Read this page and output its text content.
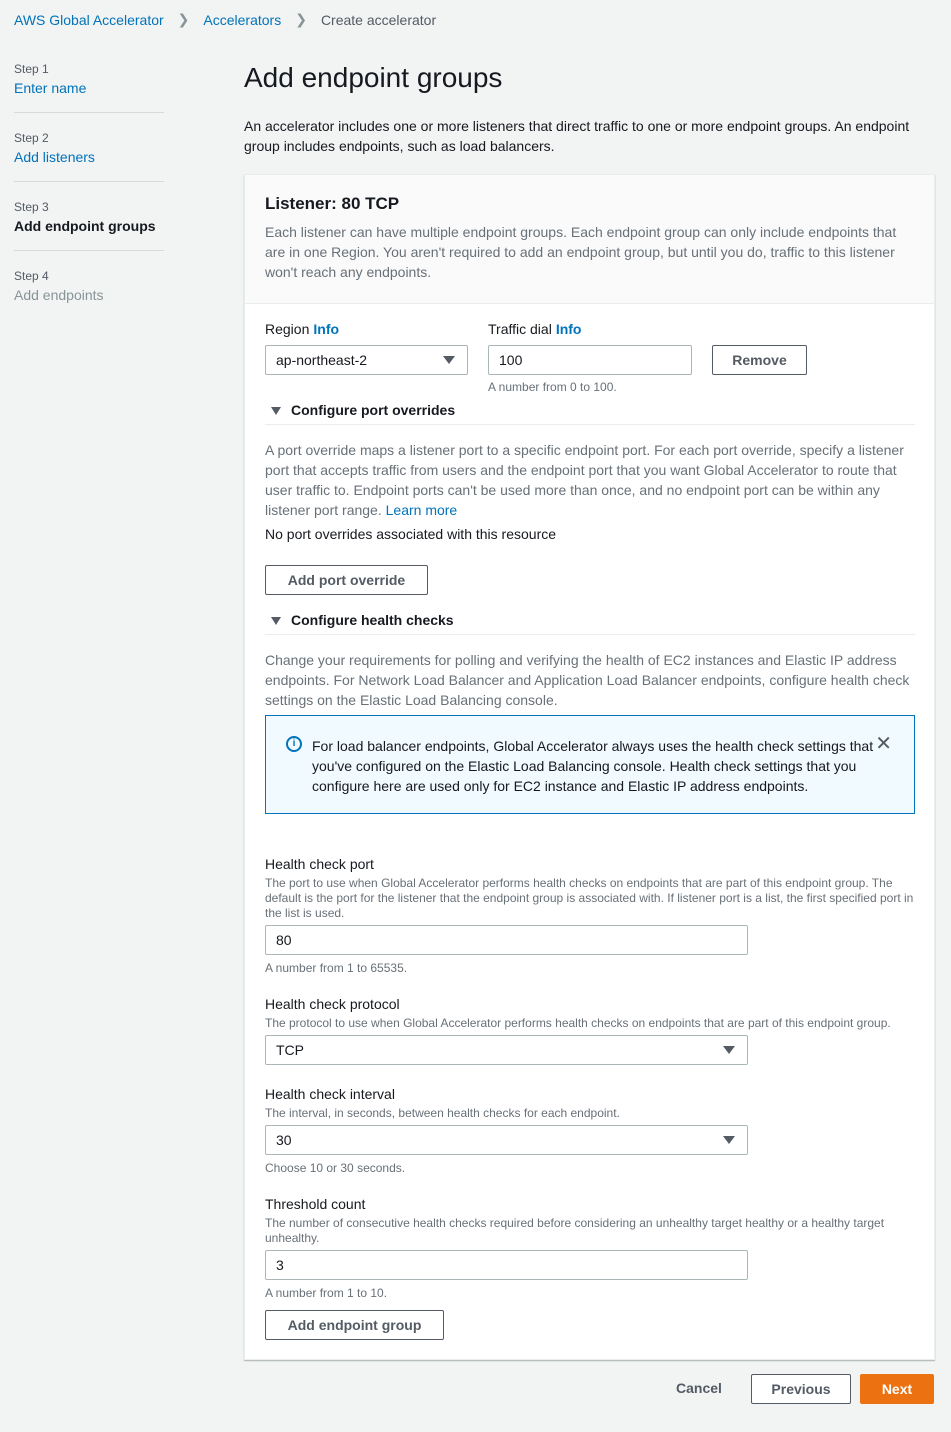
AWS Global Accelerator ❯ Accelerators ❯ Create accelerator
Step 1
Enter name
Step 2
Add listeners
Step 3
Add endpoint groups
Step 4
Add endpoints
Add endpoint groups
An accelerator includes one or more listeners that direct traffic to one or more endpoint groups. An endpoint group includes endpoints, such as load balancers.
Listener: 80 TCP
Each listener can have multiple endpoint groups. Each endpoint group can only include endpoints that are in one Region. You aren't required to add an endpoint group, but until you do, traffic to this listener won't reach any endpoints.
Region Info
ap-northeast-2
Traffic dial Info
100
A number from 0 to 100.
Remove
Configure port overrides
A port override maps a listener port to a specific endpoint port. For each port override, specify a listener port that accepts traffic from users and the endpoint port that you want Global Accelerator to route that user traffic to. Endpoint ports can't be used more than once, and no endpoint port can be within any listener port range. Learn more
No port overrides associated with this resource
Add port override
Configure health checks
Change your requirements for polling and verifying the health of EC2 instances and Elastic IP address endpoints. For Network Load Balancer and Application Load Balancer endpoints, configure health check settings on the Elastic Load Balancing console.
i	For load balancer endpoints, Global Accelerator always uses the health check settings that you've configured on the Elastic Load Balancing console. Health check settings that you configure here are used only for EC2 instance and Elastic IP address endpoints.
✕
Health check port
The port to use when Global Accelerator performs health checks on endpoints that are part of this endpoint group. The default is the port for the listener that the endpoint group is associated with. If listener port is a list, the first specified port in the list is used.
80
A number from 1 to 65535.
Health check protocol
The protocol to use when Global Accelerator performs health checks on endpoints that are part of this endpoint group.
TCP
Health check interval
The interval, in seconds, between health checks for each endpoint.
30
Choose 10 or 30 seconds.
Threshold count
The number of consecutive health checks required before considering an unhealthy target healthy or a healthy target unhealthy.
3
A number from 1 to 10.
Add endpoint group
Cancel	Previous	Next
